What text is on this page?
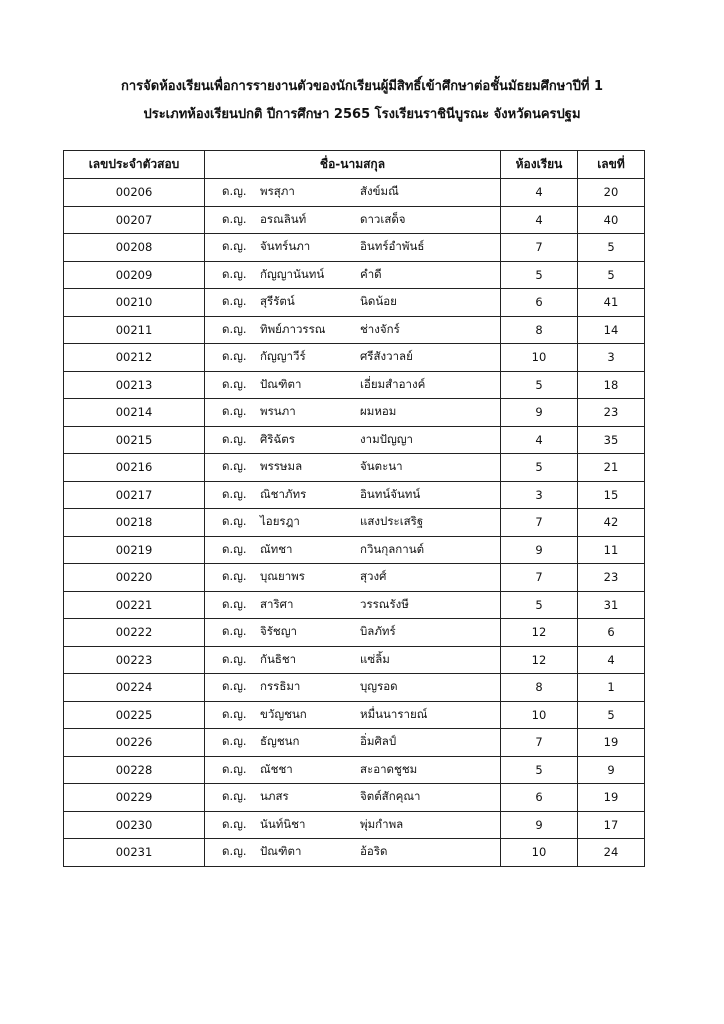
การจัดห้องเรียนเพื่อการรายงานตัวของนักเรียนผู้มีสิทธิ์เข้าศึกษาต่อชั้นมัธยมศึกษาปีที่ 1
ประเภทห้องเรียนปกติ ปีการศึกษา 2565 โรงเรียนราชินีบูรณะ จังหวัดนครปฐม
เลขประจำตัวสอบ	ชื่อ-นามสกุล	ห้องเรียน	เลขที่
00206	ด.ญ. พรสุภา สังข์มณี	4	20
00207	ด.ญ. อรณลินท์ ดาวเสด็จ	4	40
00208	ด.ญ. จันทร์นภา อินทร์อำพันธ์	7	5
00209	ด.ญ. กัญญานันทน์ คำดี	5	5
00210	ด.ญ. สุรีรัตน์ นิดน้อย	6	41
00211	ด.ญ. ทิพย์ภาวรรณ ช่างจักร์	8	14
00212	ด.ญ. กัญญาวีร์ ศรีสังวาลย์	10	3
00213	ด.ญ. ปัณฑิตา เอี่ยมสำอางค์	5	18
00214	ด.ญ. พรนภา ผมหอม	9	23
00215	ด.ญ. ศิริฉัตร งามปัญญา	4	35
00216	ด.ญ. พรรษมล จันตะนา	5	21
00217	ด.ญ. ณิชาภัทร อินทน์จันทน์	3	15
00218	ด.ญ. ไอยรฎา แสงประเสริฐ	7	42
00219	ด.ญ. ณัทชา กวินกุลกานต์	9	11
00220	ด.ญ. บุณยาพร สุวงศ์	7	23
00221	ด.ญ. สาริศา วรรณรังษี	5	31
00222	ด.ญ. จิรัชญา บิลภัทร์	12	6
00223	ด.ญ. กันธิชา แซ่ลิ้ม	12	4
00224	ด.ญ. กรรธิมา บุญรอด	8	1
00225	ด.ญ. ขวัญชนก หมื่นนารายณ์	10	5
00226	ด.ญ. ธัญชนก อิ่มศิลป์	7	19
00228	ด.ญ. ณัชชา สะอาดชูชม	5	9
00229	ด.ญ. นภสร จิตต์สักคุณา	6	19
00230	ด.ญ. นันท์นิชา พุ่มกำพล	9	17
00231	ด.ญ. ปัณฑิตา อ้อริด	10	24
